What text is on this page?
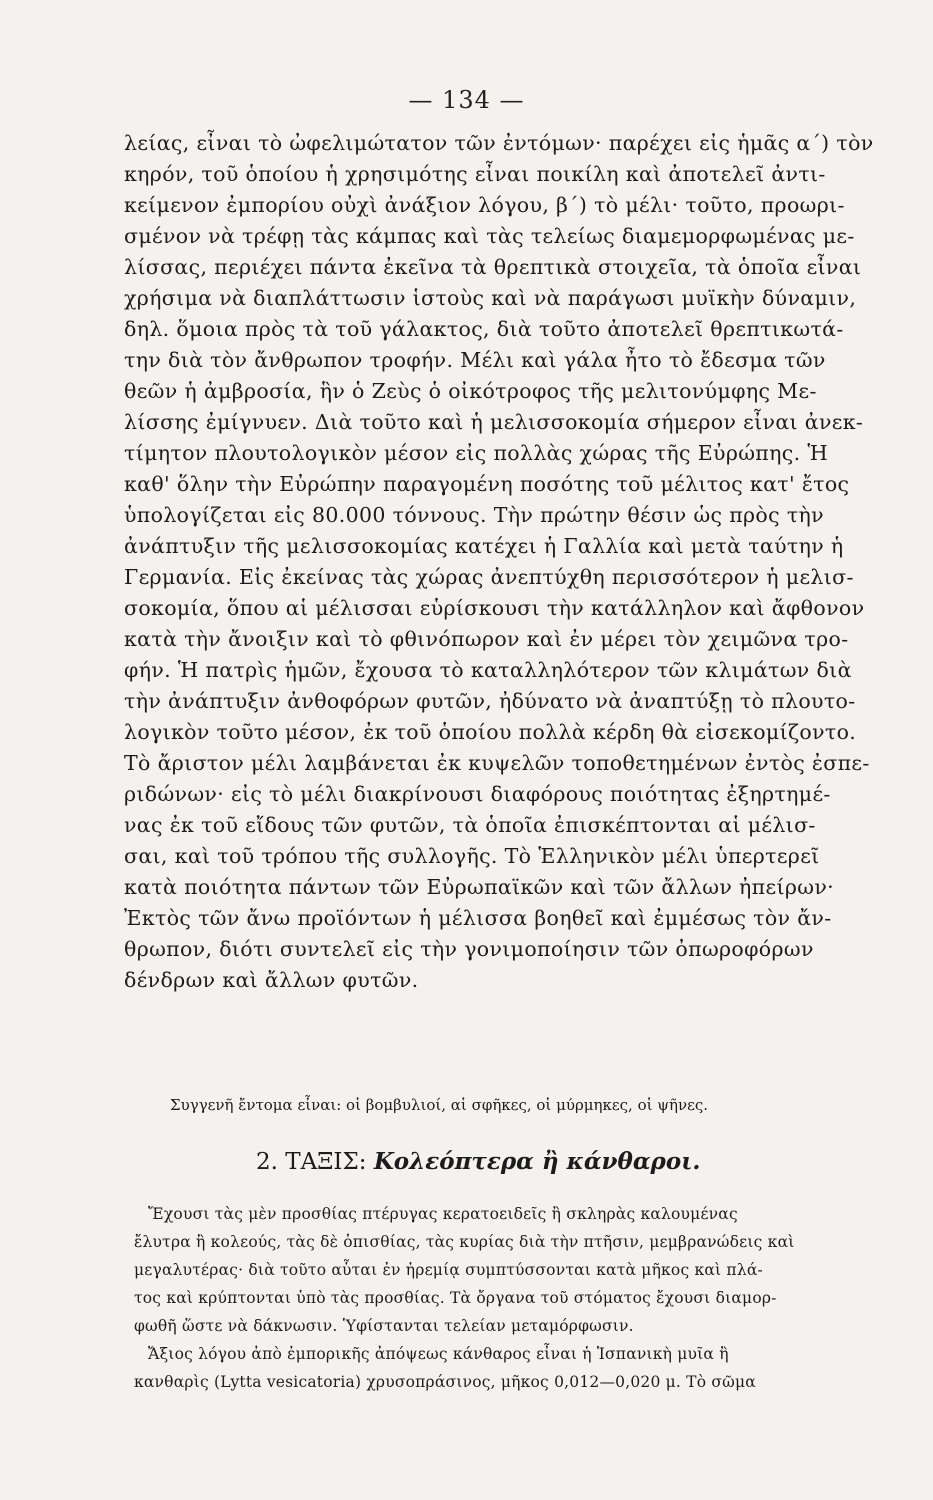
— 134 —
λείας, εἶναι τὸ ὠφελιμώτατον τῶν ἐντόμων· παρέχει εἰς ἡμᾶς α΄) τὸν
κηρόν, τοῦ ὁποίου ἡ χρησιμότης εἶναι ποικίλη καὶ ἀποτελεῖ ἀντι-
κείμενον ἐμπορίου οὐχὶ ἀνάξιον λόγου, β΄) τὸ μέλι· τοῦτο, προωρι-
σμένον νὰ τρέφῃ τὰς κάμπας καὶ τὰς τελείως διαμεμορφωμένας με-
λίσσας, περιέχει πάντα ἐκεῖνα τὰ θρεπτικὰ στοιχεῖα, τὰ ὁποῖα εἶναι
χρήσιμα νὰ διαπλάττωσιν ἱστοὺς καὶ νὰ παράγωσι μυϊκὴν δύναμιν,
δηλ. ὅμοια πρὸς τὰ τοῦ γάλακτος, διὰ τοῦτο ἀποτελεῖ θρεπτικωτά-
την διὰ τὸν ἄνθρωπον τροφήν. Μέλι καὶ γάλα ἦτο τὸ ἔδεσμα τῶν
θεῶν ἡ ἀμβροσία, ἣν ὁ Ζεὺς ὁ οἰκότροφος τῆς μελιτονύμφης Με-
λίσσης ἐμίγνυεν. Διὰ τοῦτο καὶ ἡ μελισσοκομία σήμερον εἶναι ἀνεκ-
τίμητον πλουτολογικὸν μέσον εἰς πολλὰς χώρας τῆς Εὐρώπης. Ἡ
καθ' ὅλην τὴν Εὐρώπην παραγομένη ποσότης τοῦ μέλιτος κατ' ἔτος
ὑπολογίζεται εἰς 80.000 τόννους. Τὴν πρώτην θέσιν ὡς πρὸς τὴν
ἀνάπτυξιν τῆς μελισσοκομίας κατέχει ἡ Γαλλία καὶ μετὰ ταύτην ἡ
Γερμανία. Εἰς ἐκείνας τὰς χώρας ἀνεπτύχθη περισσότερον ἡ μελισ-
σοκομία, ὅπου αἱ μέλισσαι εὑρίσκουσι τὴν κατάλληλον καὶ ἄφθονον
κατὰ τὴν ἄνοιξιν καὶ τὸ φθινόπωρον καὶ ἐν μέρει τὸν χειμῶνα τρο-
φήν. Ἡ πατρὶς ἡμῶν, ἔχουσα τὸ καταλληλότερον τῶν κλιμάτων διὰ
τὴν ἀνάπτυξιν ἀνθοφόρων φυτῶν, ἠδύνατο νὰ ἀναπτύξῃ τὸ πλουτο-
λογικὸν τοῦτο μέσον, ἐκ τοῦ ὁποίου πολλὰ κέρδη θὰ εἰσεκομίζοντο.
Τὸ ἄριστον μέλι λαμβάνεται ἐκ κυψελῶν τοποθετημένων ἐντὸς ἐσπε-
ριδώνων· εἰς τὸ μέλι διακρίνουσι διαφόρους ποιότητας ἐξηρτημέ-
νας ἐκ τοῦ εἴδους τῶν φυτῶν, τὰ ὁποῖα ἐπισκέπτονται αἱ μέλισ-
σαι, καὶ τοῦ τρόπου τῆς συλλογῆς. Τὸ Ἑλληνικὸν μέλι ὑπερτερεῖ
κατὰ ποιότητα πάντων τῶν Εὐρωπαϊκῶν καὶ τῶν ἄλλων ἠπείρων·
Ἐκτὸς τῶν ἄνω προϊόντων ἡ μέλισσα βοηθεῖ καὶ ἐμμέσως τὸν ἄν-
θρωπον, διότι συντελεῖ εἰς τὴν γονιμοποίησιν τῶν ὀπωροφόρων
δένδρων καὶ ἄλλων φυτῶν.
Συγγενῆ ἔντομα εἶναι: οἱ βομβυλιοί, αἱ σφῆκες, οἱ μύρμηκες, οἱ ψῆνες.
2. ΤΑΞΙΣ: Κολεόπτερα ἢ κάνθαροι.
Ἔχουσι τὰς μὲν προσθίας πτέρυγας κερατοειδεῖς ἢ σκληρὰς καλουμένας
ἔλυτρα ἢ κολεούς, τὰς δὲ ὀπισθίας, τὰς κυρίας διὰ τὴν πτῆσιν, μεμβρανώδεις καὶ
μεγαλυτέρας· διὰ τοῦτο αὗται ἐν ἠρεμίᾳ συμπτύσσονται κατὰ μῆκος καὶ πλά-
τος καὶ κρύπτονται ὑπὸ τὰς προσθίας. Τὰ ὄργανα τοῦ στόματος ἔχουσι διαμορ-
φωθῆ ὥστε νὰ δάκνωσιν. Ὑφίστανται τελείαν μεταμόρφωσιν.
Ἄξιος λόγου ἀπὸ ἐμπορικῆς ἀπόψεως κάνθαρος εἶναι ἡ Ἱσπανικὴ μυῖα ἢ
κανθαρὶς (Lytta vesicatoria) χρυσοπράσινος, μῆκος 0,012—0,020 μ. Τὸ σῶμα
